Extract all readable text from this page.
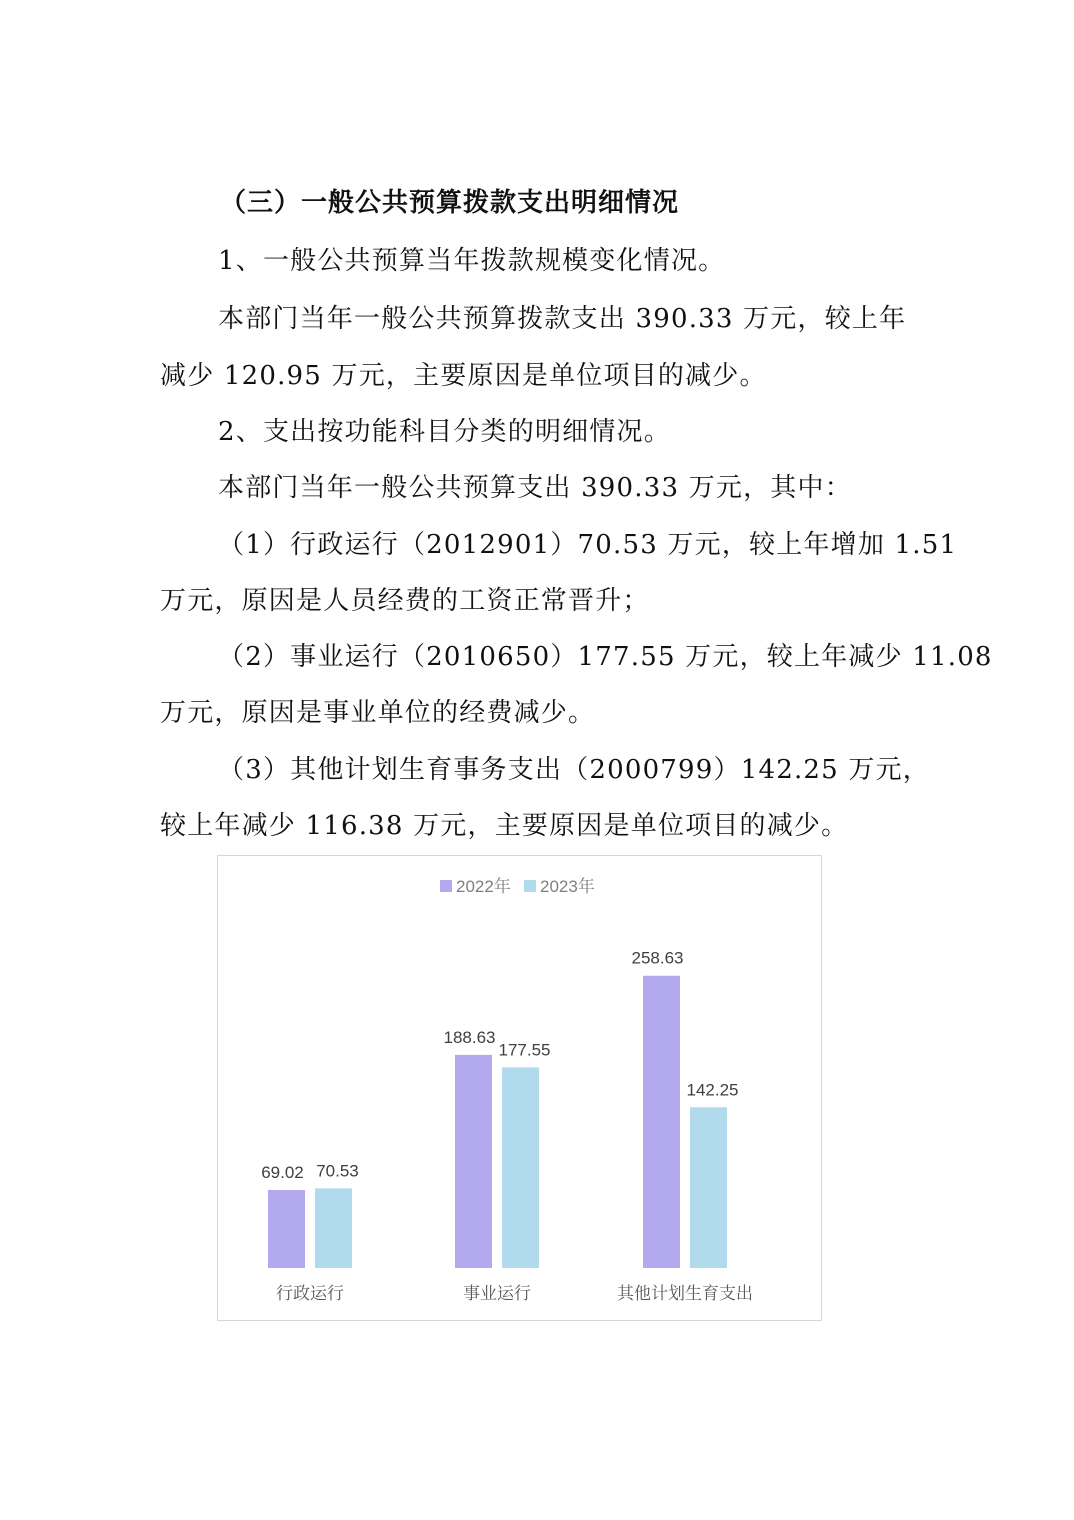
（三）一般公共预算拨款支出明细情况
1、一般公共预算当年拨款规模变化情况。
本部门当年一般公共预算拨款支出 390.33 万元，较上年
减少 120.95 万元，主要原因是单位项目的减少。
2、支出按功能科目分类的明细情况。
本部门当年一般公共预算支出 390.33 万元，其中：
（1）行政运行（2012901）70.53 万元，较上年增加 1.51
万元，原因是人员经费的工资正常晋升；
（2）事业运行（2010650）177.55 万元，较上年减少 11.08
万元，原因是事业单位的经费减少。
（3）其他计划生育事务支出（2000799）142.25 万元，
较上年减少 116.38 万元，主要原因是单位项目的减少。
2022年 2023年
69.02
188.63
258.63
70.53
177.55
142.25
行政运行	事业运行	其他计划生育支出
